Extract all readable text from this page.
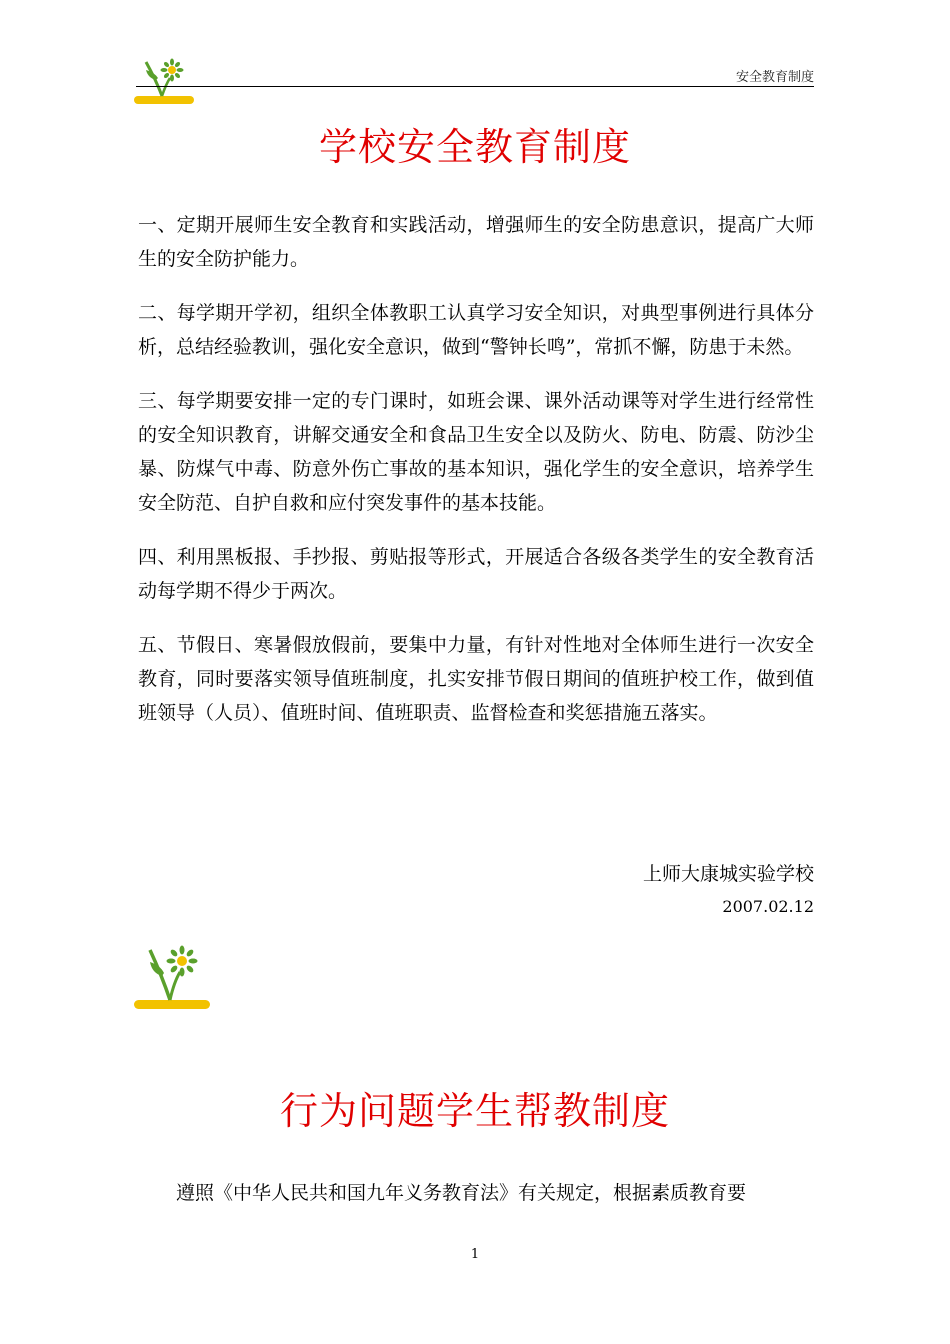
安全教育制度
学校安全教育制度

一、定期开展师生安全教育和实践活动，增强师生的安全防患意识，提高广大师生的安全防护能力。

二、每学期开学初，组织全体教职工认真学习安全知识，对典型事例进行具体分析，总结经验教训，强化安全意识，做到“警钟长鸣”，常抓不懈，防患于未然。

三、每学期要安排一定的专门课时，如班会课、课外活动课等对学生进行经常性的安全知识教育，讲解交通安全和食品卫生安全以及防火、防电、防震、防沙尘暴、防煤气中毒、防意外伤亡事故的基本知识，强化学生的安全意识，培养学生安全防范、自护自救和应付突发事件的基本技能。

四、利用黑板报、手抄报、剪贴报等形式，开展适合各级各类学生的安全教育活动每学期不得少于两次。

五、节假日、寒暑假放假前，要集中力量，有针对性地对全体师生进行一次安全教育，同时要落实领导值班制度，扎实安排节假日期间的值班护校工作，做到值班领导（人员）、值班时间、值班职责、监督检查和奖惩措施五落实。

上师大康城实验学校
2007.02.12
行为问题学生帮教制度
遵照《中华人民共和国九年义务教育法》有关规定，根据素质教育要
1
